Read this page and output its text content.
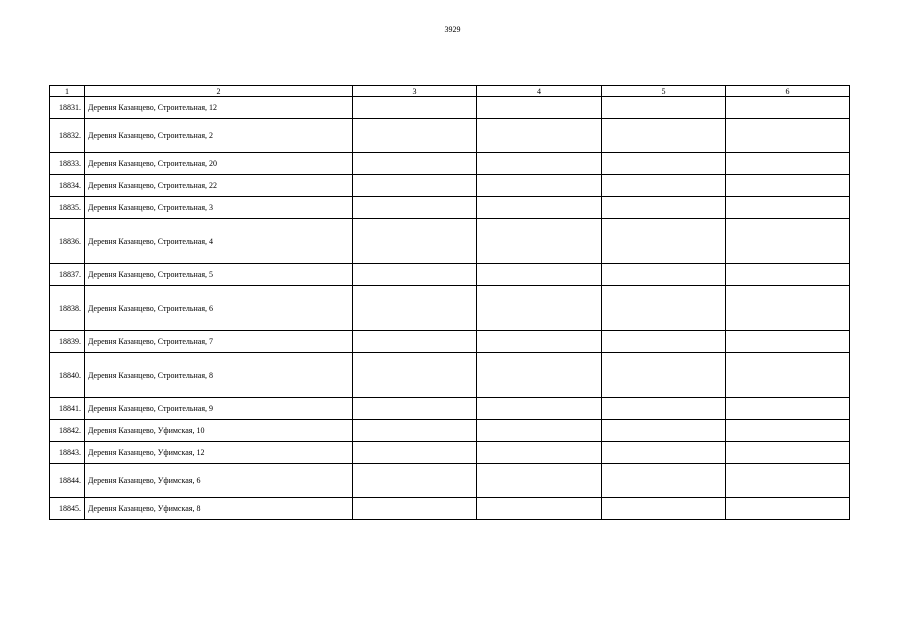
3929
1	2	3	4	5	6
18831.	Деревня Казанцево, Строительная, 12				
18832.	Деревня Казанцево, Строительная, 2				
18833.	Деревня Казанцево, Строительная, 20				
18834.	Деревня Казанцево, Строительная, 22				
18835.	Деревня Казанцево, Строительная, 3				
18836.	Деревня Казанцево, Строительная, 4				
18837.	Деревня Казанцево, Строительная, 5				
18838.	Деревня Казанцево, Строительная, 6				
18839.	Деревня Казанцево, Строительная, 7				
18840.	Деревня Казанцево, Строительная, 8				
18841.	Деревня Казанцево, Строительная, 9				
18842.	Деревня Казанцево, Уфимская, 10				
18843.	Деревня Казанцево, Уфимская, 12				
18844.	Деревня Казанцево, Уфимская, 6				
18845.	Деревня Казанцево, Уфимская, 8				
